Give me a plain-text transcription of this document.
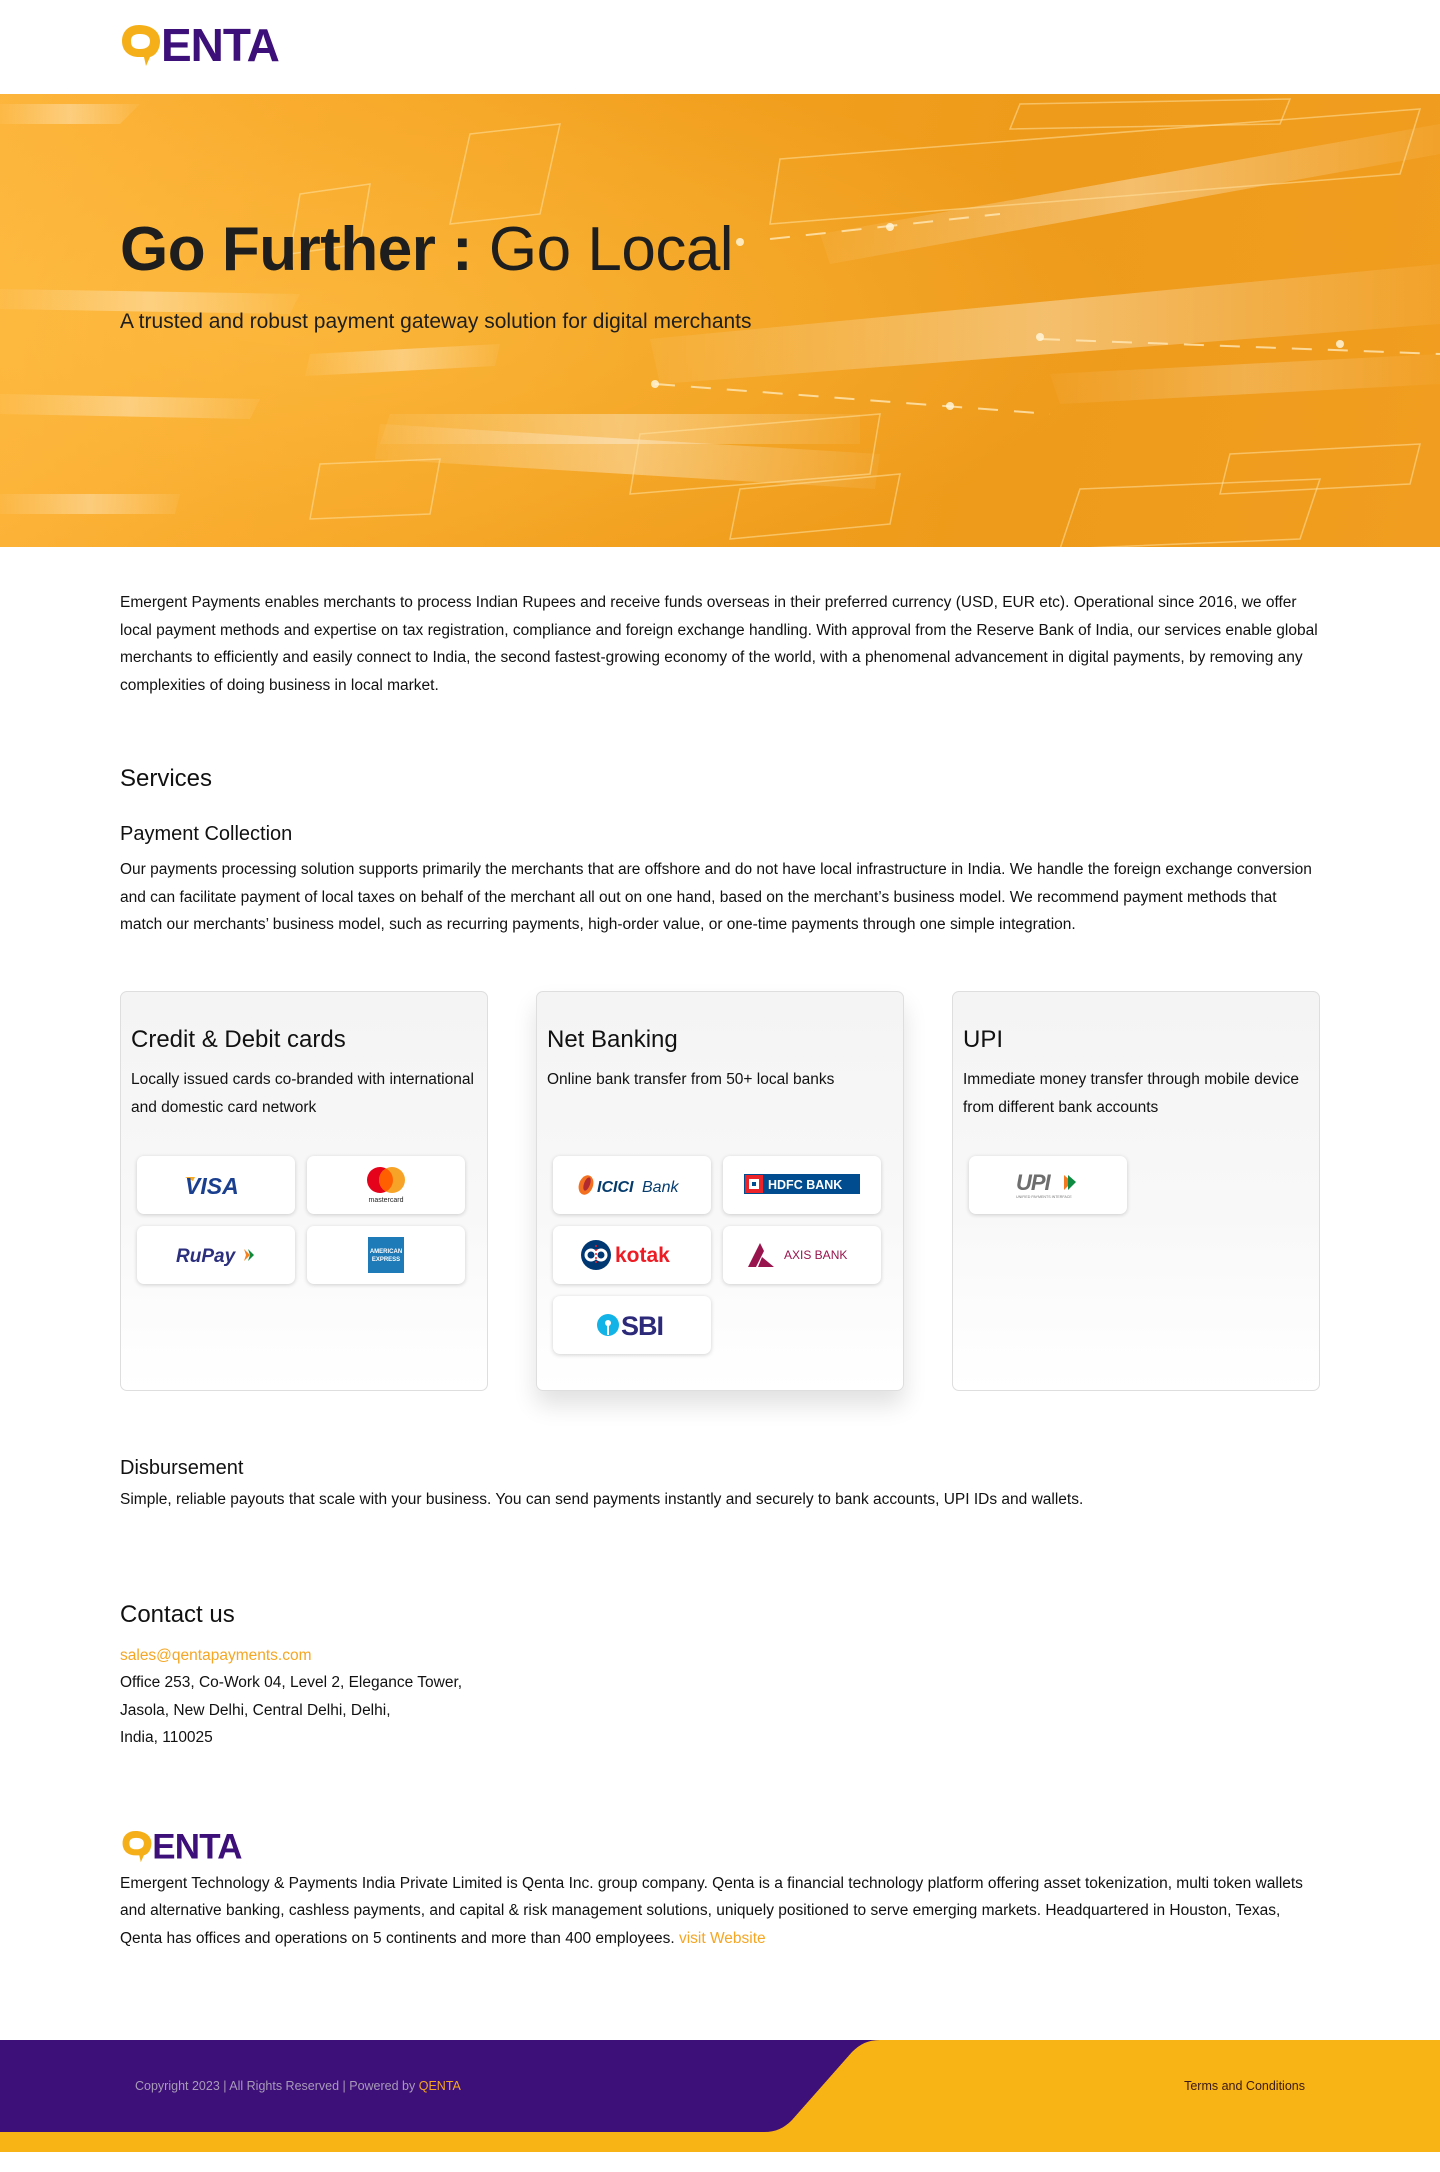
ENTA
Go Further : Go Local

A trusted and robust payment gateway solution for digital merchants

Emergent Payments enables merchants to process Indian Rupees and receive funds overseas in their preferred currency (USD, EUR etc). Operational since 2016, we offer local payment methods and expertise on tax registration, compliance and foreign exchange handling. With approval from the Reserve Bank of India, our services enable global merchants to efficiently and easily connect to India, the second fastest-growing economy of the world, with a phenomenal advancement in digital payments, by removing any complexities of doing business in local market.

Services
Payment Collection

Our payments processing solution supports primarily the merchants that are offshore and do not have local infrastructure in India. We handle the foreign exchange conversion and can facilitate payment of local taxes on behalf of the merchant all out on one hand, based on the merchant’s business model. We recommend payment methods that match our merchants’ business model, such as recurring payments, high-order value, or one-time payments through one simple integration.

Credit & Debit cards

Locally issued cards co-branded with international and domestic card network

VISA
mastercard
RuPay	AMERICAN
EXPRESS
Net Banking

Online bank transfer from 50+ local banks

ICICI Bank	HDFC BANK
kotak	AXIS BANK
SBI
UPI

Immediate money transfer through mobile device from different bank accounts

UPI
UNIFIED PAYMENTS INTERFACE
Disbursement

Simple, reliable payouts that scale with your business. You can send payments instantly and securely to bank accounts, UPI IDs and wallets.

Contact us
sales@qentapayments.com
Office 253, Co-Work 04, Level 2, Elegance Tower,
Jasola, New Delhi, Central Delhi, Delhi,
India, 110025
ENTA

Emergent Technology & Payments India Private Limited is Qenta Inc. group company. Qenta is a financial technology platform offering asset tokenization, multi token wallets and alternative banking, cashless payments, and capital & risk management solutions, uniquely positioned to serve emerging markets. Headquartered in Houston, Texas, Qenta has offices and operations on 5 continents and more than 400 employees. visit Website

Copyright 2023 | All Rights Reserved | Powered by QENTA	Terms and Conditions
